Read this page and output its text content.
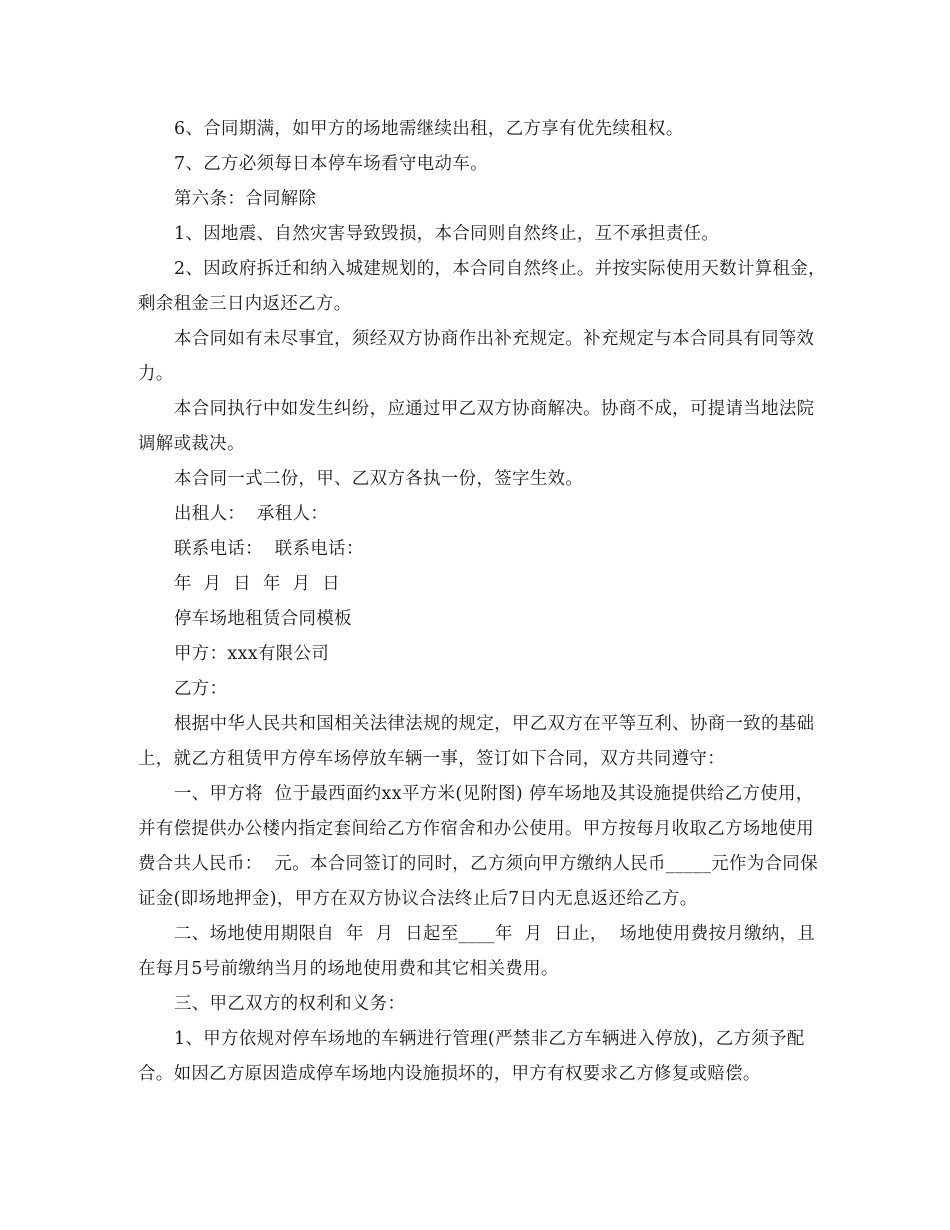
6、合同期满，如甲方的场地需继续出租，乙方享有优先续租权。

7、乙方必须每日本停车场看守电动车。

第六条：合同解除

1、因地震、自然灾害导致毁损，本合同则自然终止，互不承担责任。

2、因政府拆迁和纳入城建规划的，本合同自然终止。并按实际使用天数计算租金，剩余租金三日内返还乙方。

本合同如有未尽事宜，须经双方协商作出补充规定。补充规定与本合同具有同等效力。

本合同执行中如发生纠纷，应通过甲乙双方协商解决。协商不成，可提请当地法院调解或裁决。

本合同一式二份，甲、乙双方各执一份，签字生效。

出租人：  承租人：

联系电话：  联系电话：

年  月  日  年  月  日

停车场地租赁合同模板

甲方：xxx有限公司

乙方：

根据中华人民共和国相关法律法规的规定，甲乙双方在平等互利、协商一致的基础上，就乙方租赁甲方停车场停放车辆一事，签订如下合同，双方共同遵守：

一、甲方将  位于最西面约xx平方米(见附图) 停车场地及其设施提供给乙方使用，并有偿提供办公楼内指定套间给乙方作宿舍和办公使用。甲方按每月收取乙方场地使用费合共人民币：  元。本合同签订的同时，乙方须向甲方缴纳人民币_____元作为合同保证金(即场地押金)，甲方在双方协议合法终止后7日内无息返还给乙方。

二、场地使用期限自  年  月  日起至____年  月  日止，  场地使用费按月缴纳，且在每月5号前缴纳当月的场地使用费和其它相关费用。

三、甲乙双方的权利和义务：

1、甲方依规对停车场地的车辆进行管理(严禁非乙方车辆进入停放)，乙方须予配合。如因乙方原因造成停车场地内设施损坏的，甲方有权要求乙方修复或赔偿。
